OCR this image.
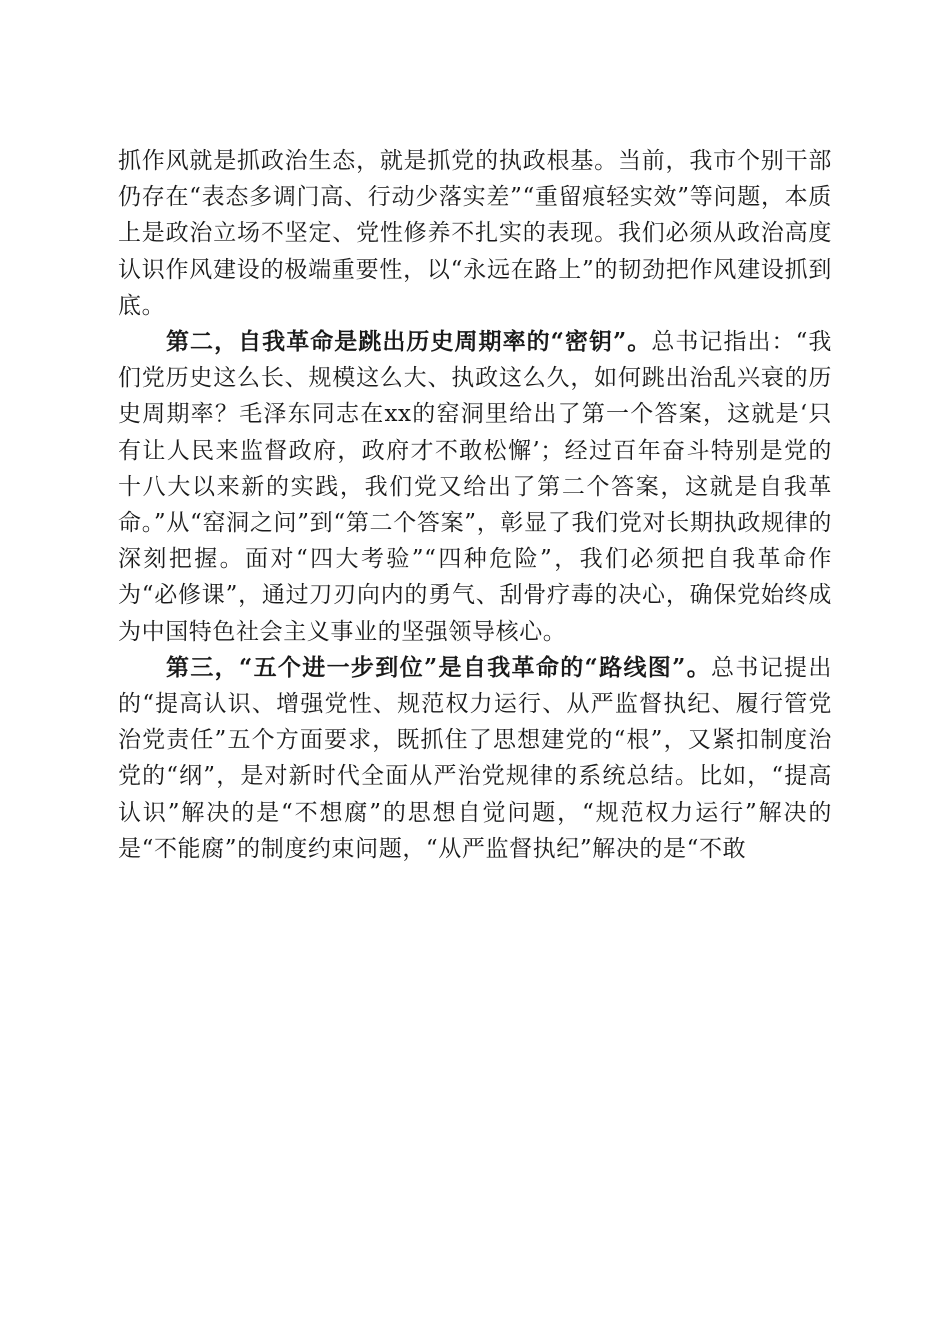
抓作风就是抓政治生态，就是抓党的执政根基。当前，我市个别干部仍存在“表态多调门高、行动少落实差”“重留痕轻实效”等问题，本质上是政治立场不坚定、党性修养不扎实的表现。我们必须从政治高度认识作风建设的极端重要性，以“永远在路上”的韧劲把作风建设抓到底。

第二，自我革命是跳出历史周期率的“密钥”。总书记指出：“我们党历史这么长、规模这么大、执政这么久，如何跳出治乱兴衰的历史周期率？毛泽东同志在xx的窑洞里给出了第一个答案，这就是‘只有让人民来监督政府，政府才不敢松懈’；经过百年奋斗特别是党的十八大以来新的实践，我们党又给出了第二个答案，这就是自我革命。”从“窑洞之问”到“第二个答案”，彰显了我们党对长期执政规律的深刻把握。面对“四大考验”“四种危险”，我们必须把自我革命作为“必修课”，通过刀刃向内的勇气、刮骨疗毒的决心，确保党始终成为中国特色社会主义事业的坚强领导核心。

第三，“五个进一步到位”是自我革命的“路线图”。总书记提出的“提高认识、增强党性、规范权力运行、从严监督执纪、履行管党治党责任”五个方面要求，既抓住了思想建党的“根”，又紧扣制度治党的“纲”，是对新时代全面从严治党规律的系统总结。比如，“提高认识”解决的是“不想腐”的思想自觉问题，“规范权力运行”解决的是“不能腐”的制度约束问题，“从严监督执纪”解决的是“不敢
